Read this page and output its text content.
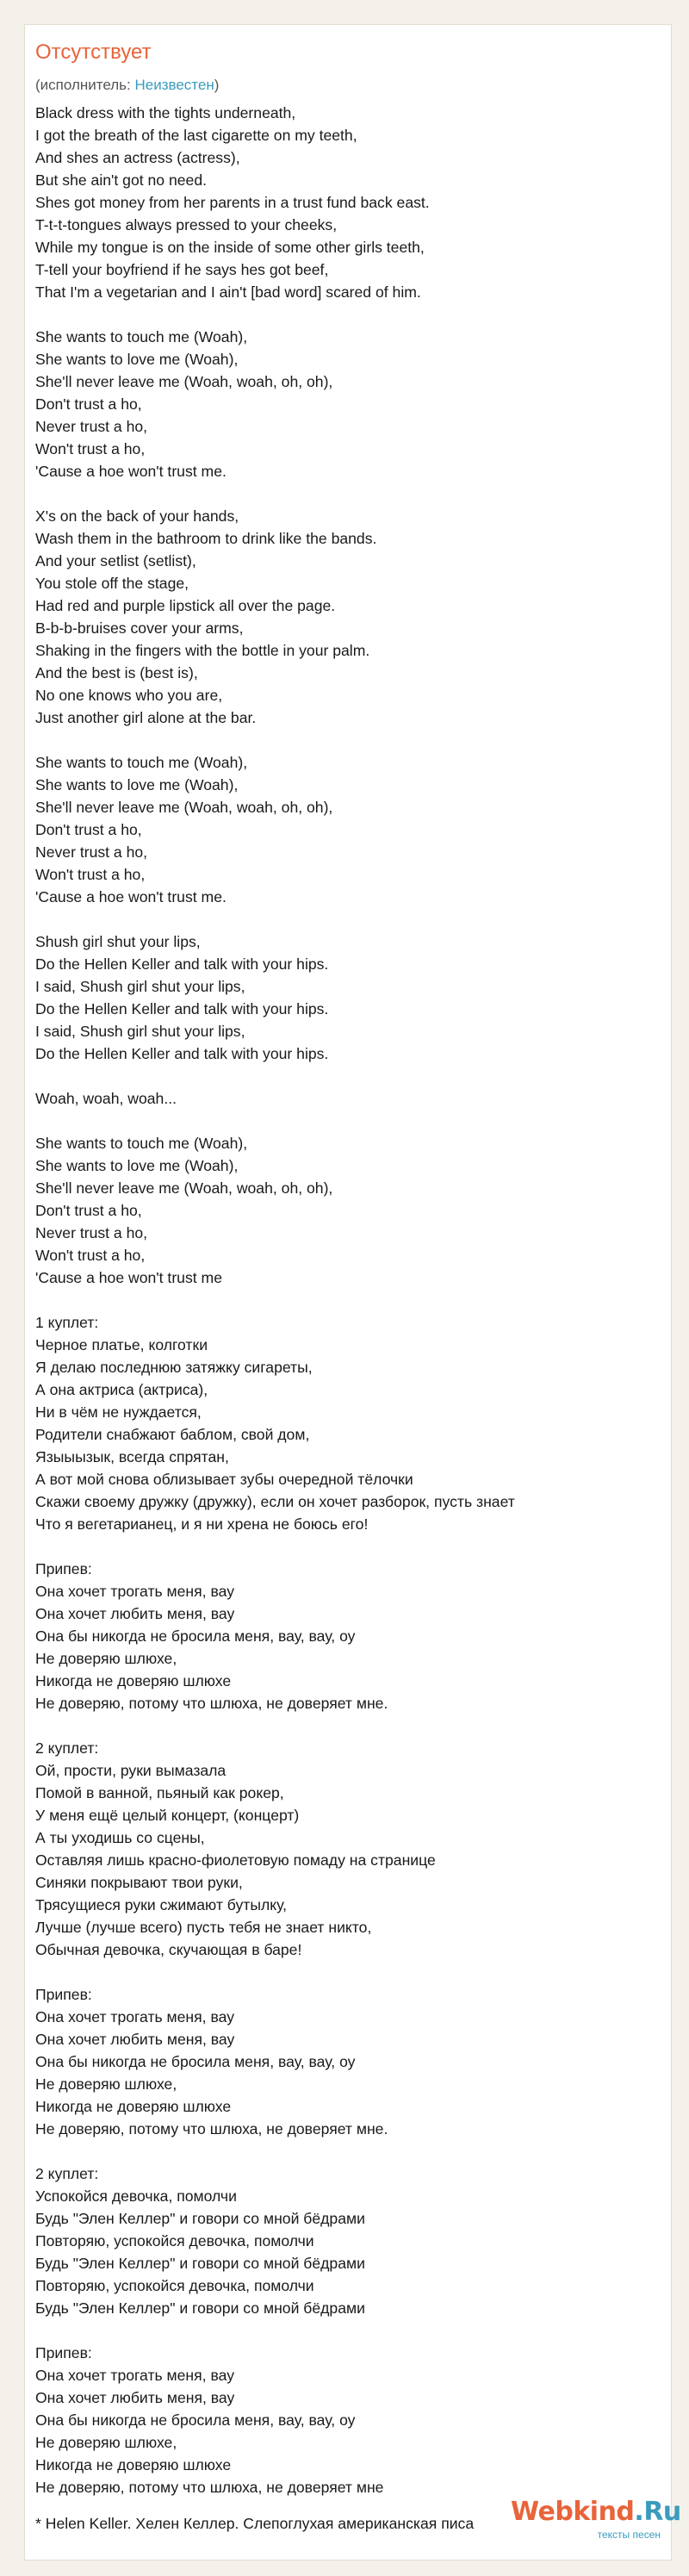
Отсутствует
(исполнитель: Неизвестен)
Black dress with the tights underneath,
I got the breath of the last cigarette on my teeth,
And shes an actress (actress),
But she ain't got no need.
Shes got money from her parents in a trust fund back east.
T-t-t-tongues always pressed to your cheeks,
While my tongue is on the inside of some other girls teeth,
T-tell your boyfriend if he says hes got beef,
That I'm a vegetarian and I ain't [bad word] scared of him.
She wants to touch me (Woah),
She wants to love me (Woah),
She'll never leave me (Woah, woah, oh, oh),
Don't trust a ho,
Never trust a ho,
Won't trust a ho,
'Cause a hoe won't trust me.
X's on the back of your hands,
Wash them in the bathroom to drink like the bands.
And your setlist (setlist),
You stole off the stage,
Had red and purple lipstick all over the page.
B-b-b-bruises cover your arms,
Shaking in the fingers with the bottle in your palm.
And the best is (best is),
No one knows who you are,
Just another girl alone at the bar.
She wants to touch me (Woah),
She wants to love me (Woah),
She'll never leave me (Woah, woah, oh, oh),
Don't trust a ho,
Never trust a ho,
Won't trust a ho,
'Cause a hoe won't trust me.
Shush girl shut your lips,
Do the Hellen Keller and talk with your hips.
I said, Shush girl shut your lips,
Do the Hellen Keller and talk with your hips.
I said, Shush girl shut your lips,
Do the Hellen Keller and talk with your hips.
Woah, woah, woah...
She wants to touch me (Woah),
She wants to love me (Woah),
She'll never leave me (Woah, woah, oh, oh),
Don't trust a ho,
Never trust a ho,
Won't trust a ho,
'Cause a hoe won't trust me
1 куплет:
Черное платье, колготки
Я делаю последнюю затяжку сигареты,
А она актриса (актриса),
Ни в чём не нуждается,
Родители снабжают баблом, свой дом,
Языыызык, всегда спрятан,
А вот мой снова облизывает зубы очередной тёлочки
Скажи своему дружку (дружку), если он хочет разборок, пусть знает
Что я вегетарианец, и я ни хрена не боюсь его!
Припев:
Она хочет трогать меня, вау
Она хочет любить меня, вау
Она бы никогда не бросила меня, вау, вау, оу
Не доверяю шлюхе,
Никогда не доверяю шлюхе
Не доверяю, потому что шлюха, не доверяет мне.
2 куплет:
Ой, прости, руки вымазала
Помой в ванной, пьяный как рокер,
У меня ещё целый концерт, (концерт)
А ты уходишь со сцены,
Оставляя лишь красно-фиолетовую помаду на странице
Синяки покрывают твои руки,
Трясущиеся руки сжимают бутылку,
Лучше (лучше всего) пусть тебя не знает никто,
Обычная девочка, скучающая в баре!
Припев:
Она хочет трогать меня, вау
Она хочет любить меня, вау
Она бы никогда не бросила меня, вау, вау, оу
Не доверяю шлюхе,
Никогда не доверяю шлюхе
Не доверяю, потому что шлюха, не доверяет мне.
2 куплет:
Успокойся девочка, помолчи
Будь "Элен Келлер" и говори со мной бёдрами
Повторяю, успокойся девочка, помолчи
Будь "Элен Келлер" и говори со мной бёдрами
Повторяю, успокойся девочка, помолчи
Будь "Элен Келлер" и говори со мной бёдрами
Припев:
Она хочет трогать меня, вау
Она хочет любить меня, вау
Она бы никогда не бросила меня, вау, вау, оу
Не доверяю шлюхе,
Никогда не доверяю шлюхе
Не доверяю, потому что шлюха, не доверяет мне
* Helen Keller. Хелен Келлер. Слепоглухая американская писа Webkind.Ru
тексты песен
